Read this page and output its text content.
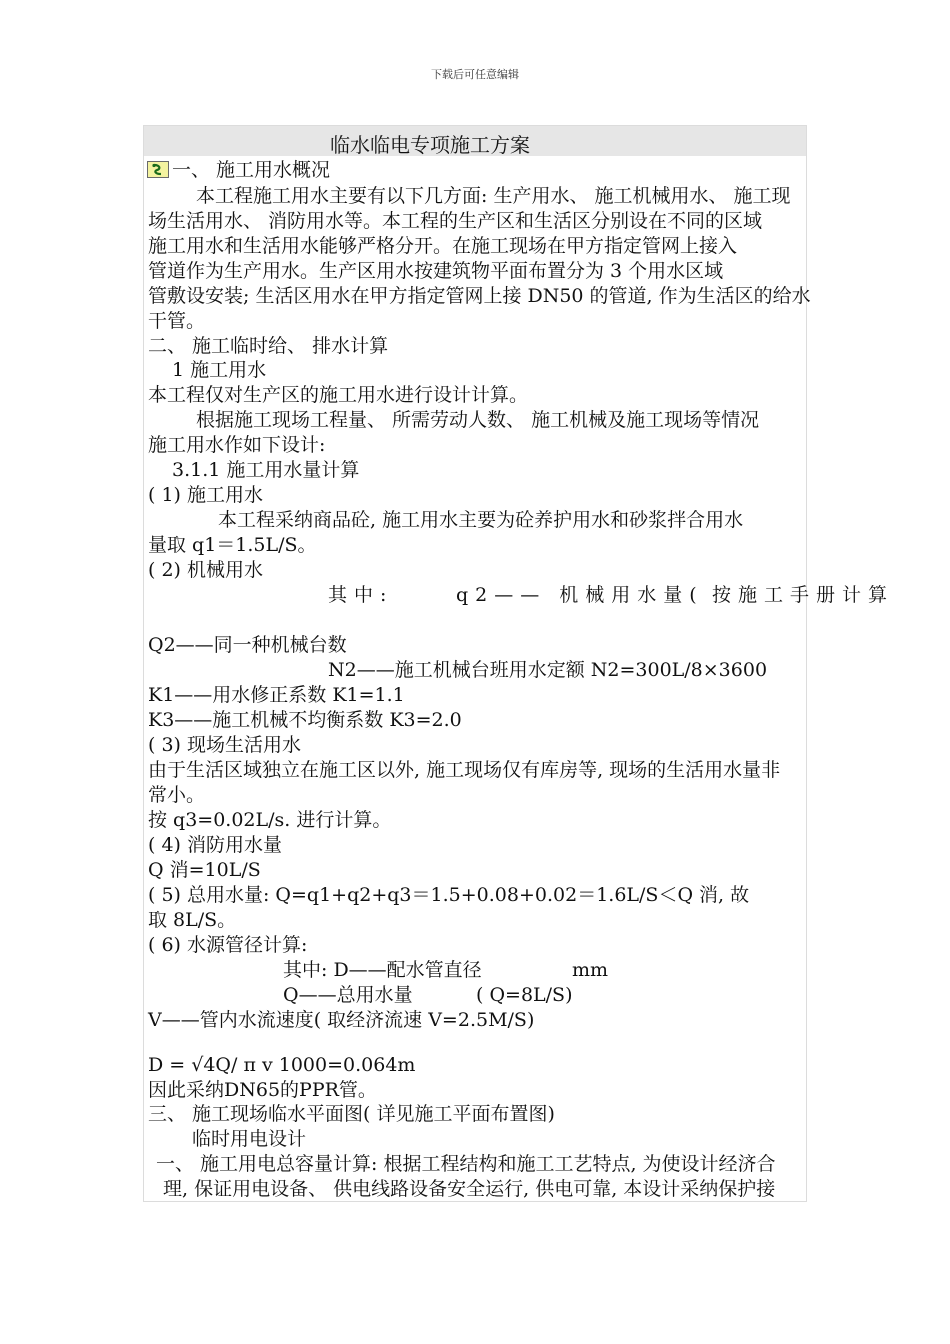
下载后可任意编辑
临水临电专项施工方案
一、 施工用水概况
本工程施工用水主要有以下几方面: 生产用水、 施工机械用水、 施工现
场生活用水、 消防用水等。本工程的生产区和生活区分别设在不同的区域
施工用水和生活用水能够严格分开。在施工现场在甲方指定管网上接入
管道作为生产用水。生产区用水按建筑物平面布置分为 3 个用水区域
管敷设安装; 生活区用水在甲方指定管网上接 DN50 的管道, 作为生活区的给水
干管。
二、 施工临时给、 排水计算
1 施工用水
本工程仅对生产区的施工用水进行设计计算。
根据施工现场工程量、 所需劳动人数、 施工机械及施工现场等情况
施工用水作如下设计:
3.1.1 施工用水量计算
( 1) 施工用水
本工程采纳商品砼, 施工用水主要为砼养护用水和砂浆拌合用水
量取 q1＝1.5L/S。
( 2) 机械用水
其中:	q2—— 机械用水量( 按施工手册计算
Q2——同一种机械台数
N2——施工机械台班用水定额 N2=300L/8×3600
K1——用水修正系数 K1=1.1
K3——施工机械不均衡系数 K3=2.0
( 3) 现场生活用水
由于生活区域独立在施工区以外, 施工现场仅有库房等, 现场的生活用水量非
常小。
按 q3=0.02L/s. 进行计算。
( 4) 消防用水量
Q 消=10L/S
( 5) 总用水量: Q=q1+q2+q3＝1.5+0.08+0.02＝1.6L/S＜Q 消, 故
取 8L/S。
( 6) 水源管径计算:
其中: D——配水管直径	mm
Q——总用水量	( Q=8L/S)
V——管内水流速度( 取经济流速 V=2.5M/S)
D = √4Q/ π v 1000=0.064m
因此采纳DN65的PPR管。
三、 施工现场临水平面图( 详见施工平面布置图)
临时用电设计
一、 施工用电总容量计算: 根据工程结构和施工工艺特点, 为使设计经济合
理, 保证用电设备、 供电线路设备安全运行, 供电可靠, 本设计采纳保护接
